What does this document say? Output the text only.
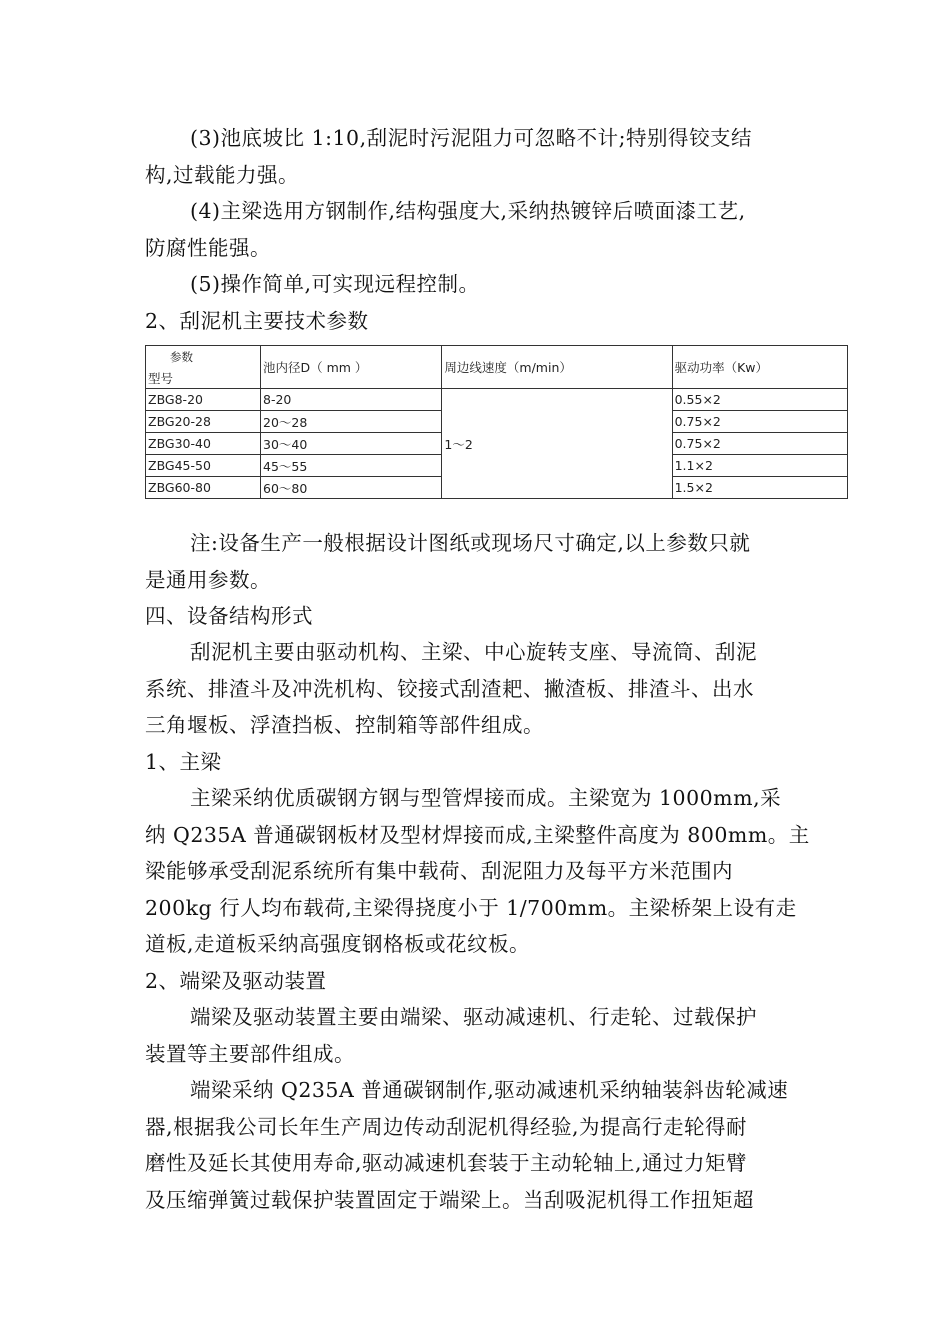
(3)池底坡比 1:10,刮泥时污泥阻力可忽略不计;特别得铰支结
构,过载能力强。
(4)主梁选用方钢制作,结构强度大,采纳热镀锌后喷面漆工艺,
防腐性能强。
(5)操作简单,可实现远程控制。
2、刮泥机主要技术参数
参数
型号	池内径D（ mm ）	周边线速度（m/min）	驱动功率（Kw）
ZBG8-20	8-20	1～2	0.55×2
ZBG20-28	20～28		0.75×2
ZBG30-40	30～40		0.75×2
ZBG45-50	45～55		1.1×2
ZBG60-80	60～80		1.5×2
注:设备生产一般根据设计图纸或现场尺寸确定,以上参数只就
是通用参数。
四、设备结构形式
刮泥机主要由驱动机构、主梁、中心旋转支座、导流筒、刮泥
系统、排渣斗及冲洗机构、铰接式刮渣耙、撇渣板、排渣斗、出水
三角堰板、浮渣挡板、控制箱等部件组成。
1、主梁
主梁采纳优质碳钢方钢与型管焊接而成。主梁宽为 1000mm,采
纳 Q235A 普通碳钢板材及型材焊接而成,主梁整件高度为 800mm。主
梁能够承受刮泥系统所有集中载荷、刮泥阻力及每平方米范围内
200kg 行人均布载荷,主梁得挠度小于 1/700mm。主梁桥架上设有走
道板,走道板采纳高强度钢格板或花纹板。
2、端梁及驱动装置
端梁及驱动装置主要由端梁、驱动减速机、行走轮、过载保护
装置等主要部件组成。
端梁采纳 Q235A 普通碳钢制作,驱动减速机采纳轴装斜齿轮减速
器,根据我公司长年生产周边传动刮泥机得经验,为提高行走轮得耐
磨性及延长其使用寿命,驱动减速机套装于主动轮轴上,通过力矩臂
及压缩弹簧过载保护装置固定于端梁上。当刮吸泥机得工作扭矩超
